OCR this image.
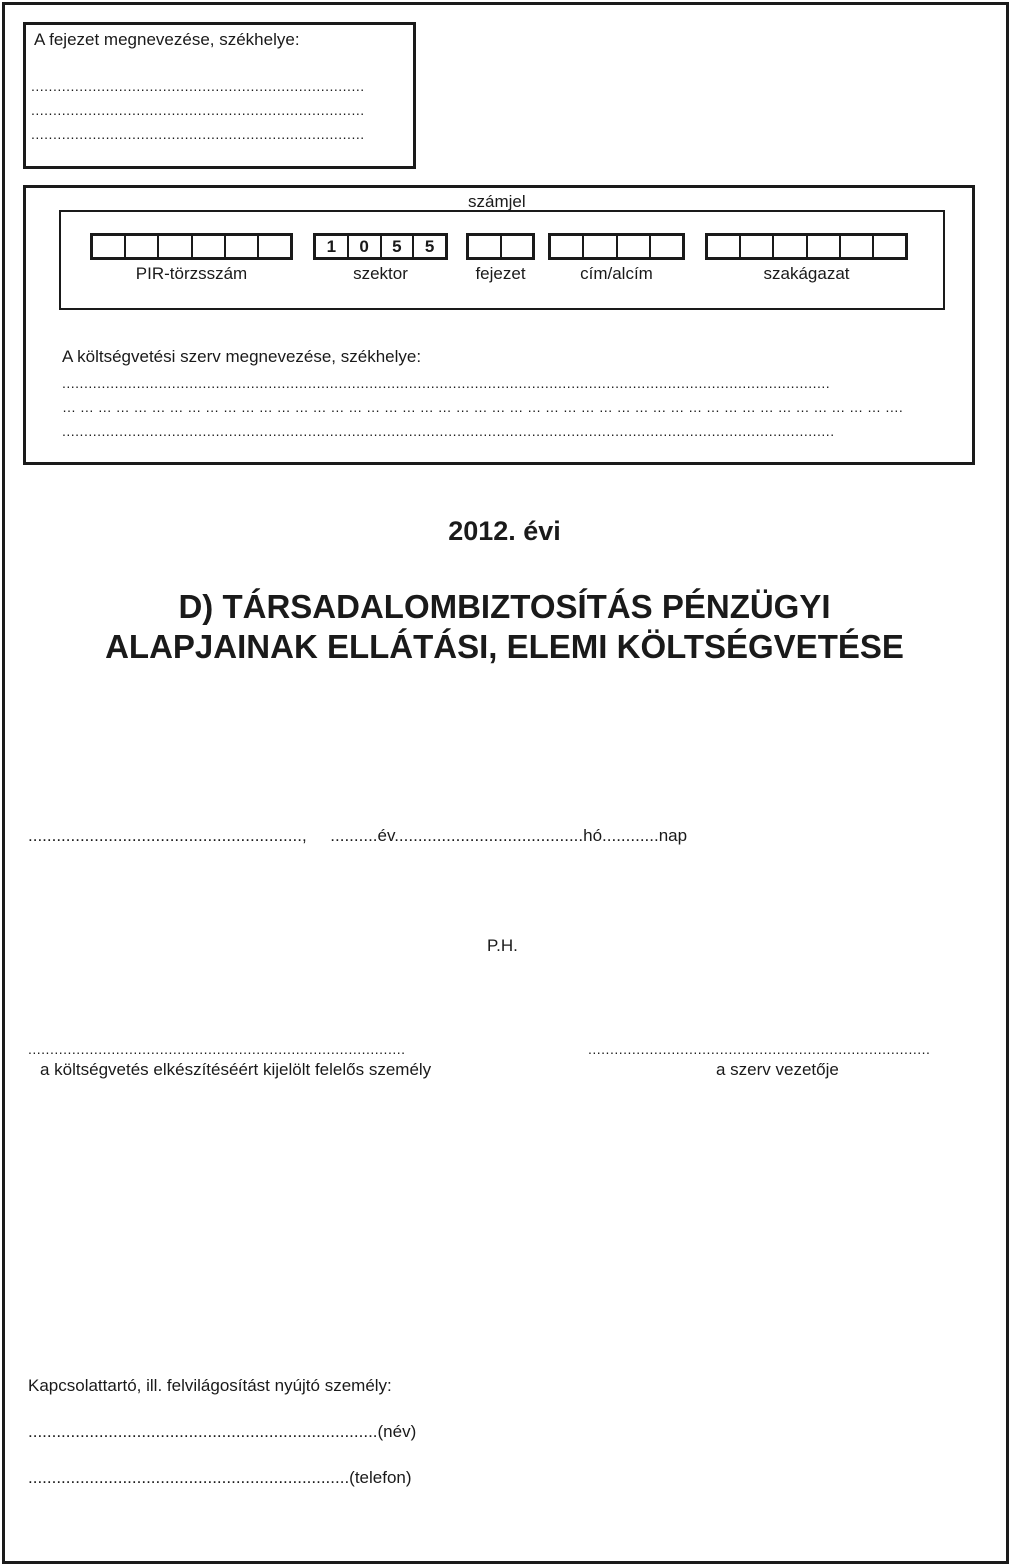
A fejezet megnevezése, székhelye:
............................................................................
............................................................................
............................................................................
számjel
PIR-törzsszám
1	0	5	5
szektor	fejezet	cím/alcím	szakágazat
A költségvetési szerv megnevezése, székhelye:
...............................................................................................................................................................................
… … … … … … … … … … … … … … … … … … … … … … … … … … … … … … … … … … … … … … … … … … … … … … ….
................................................................................................................................................................................
2012. évi
D) TÁRSADALOMBIZTOSÍTÁS PÉNZÜGYI
ALAPJAINAK ELLÁTÁSI, ELEMI KÖLTSÉGVETÉSE
..........................................................,     ..........év........................................hó............nap
P.H.
......................................................................................
a költségvetés elkészítéséért kijelölt felelős személy
..............................................................................
a szerv vezetője
Kapcsolattartó, ill. felvilágosítást nyújtó személy:
..........................................................................(név)
....................................................................(telefon)
